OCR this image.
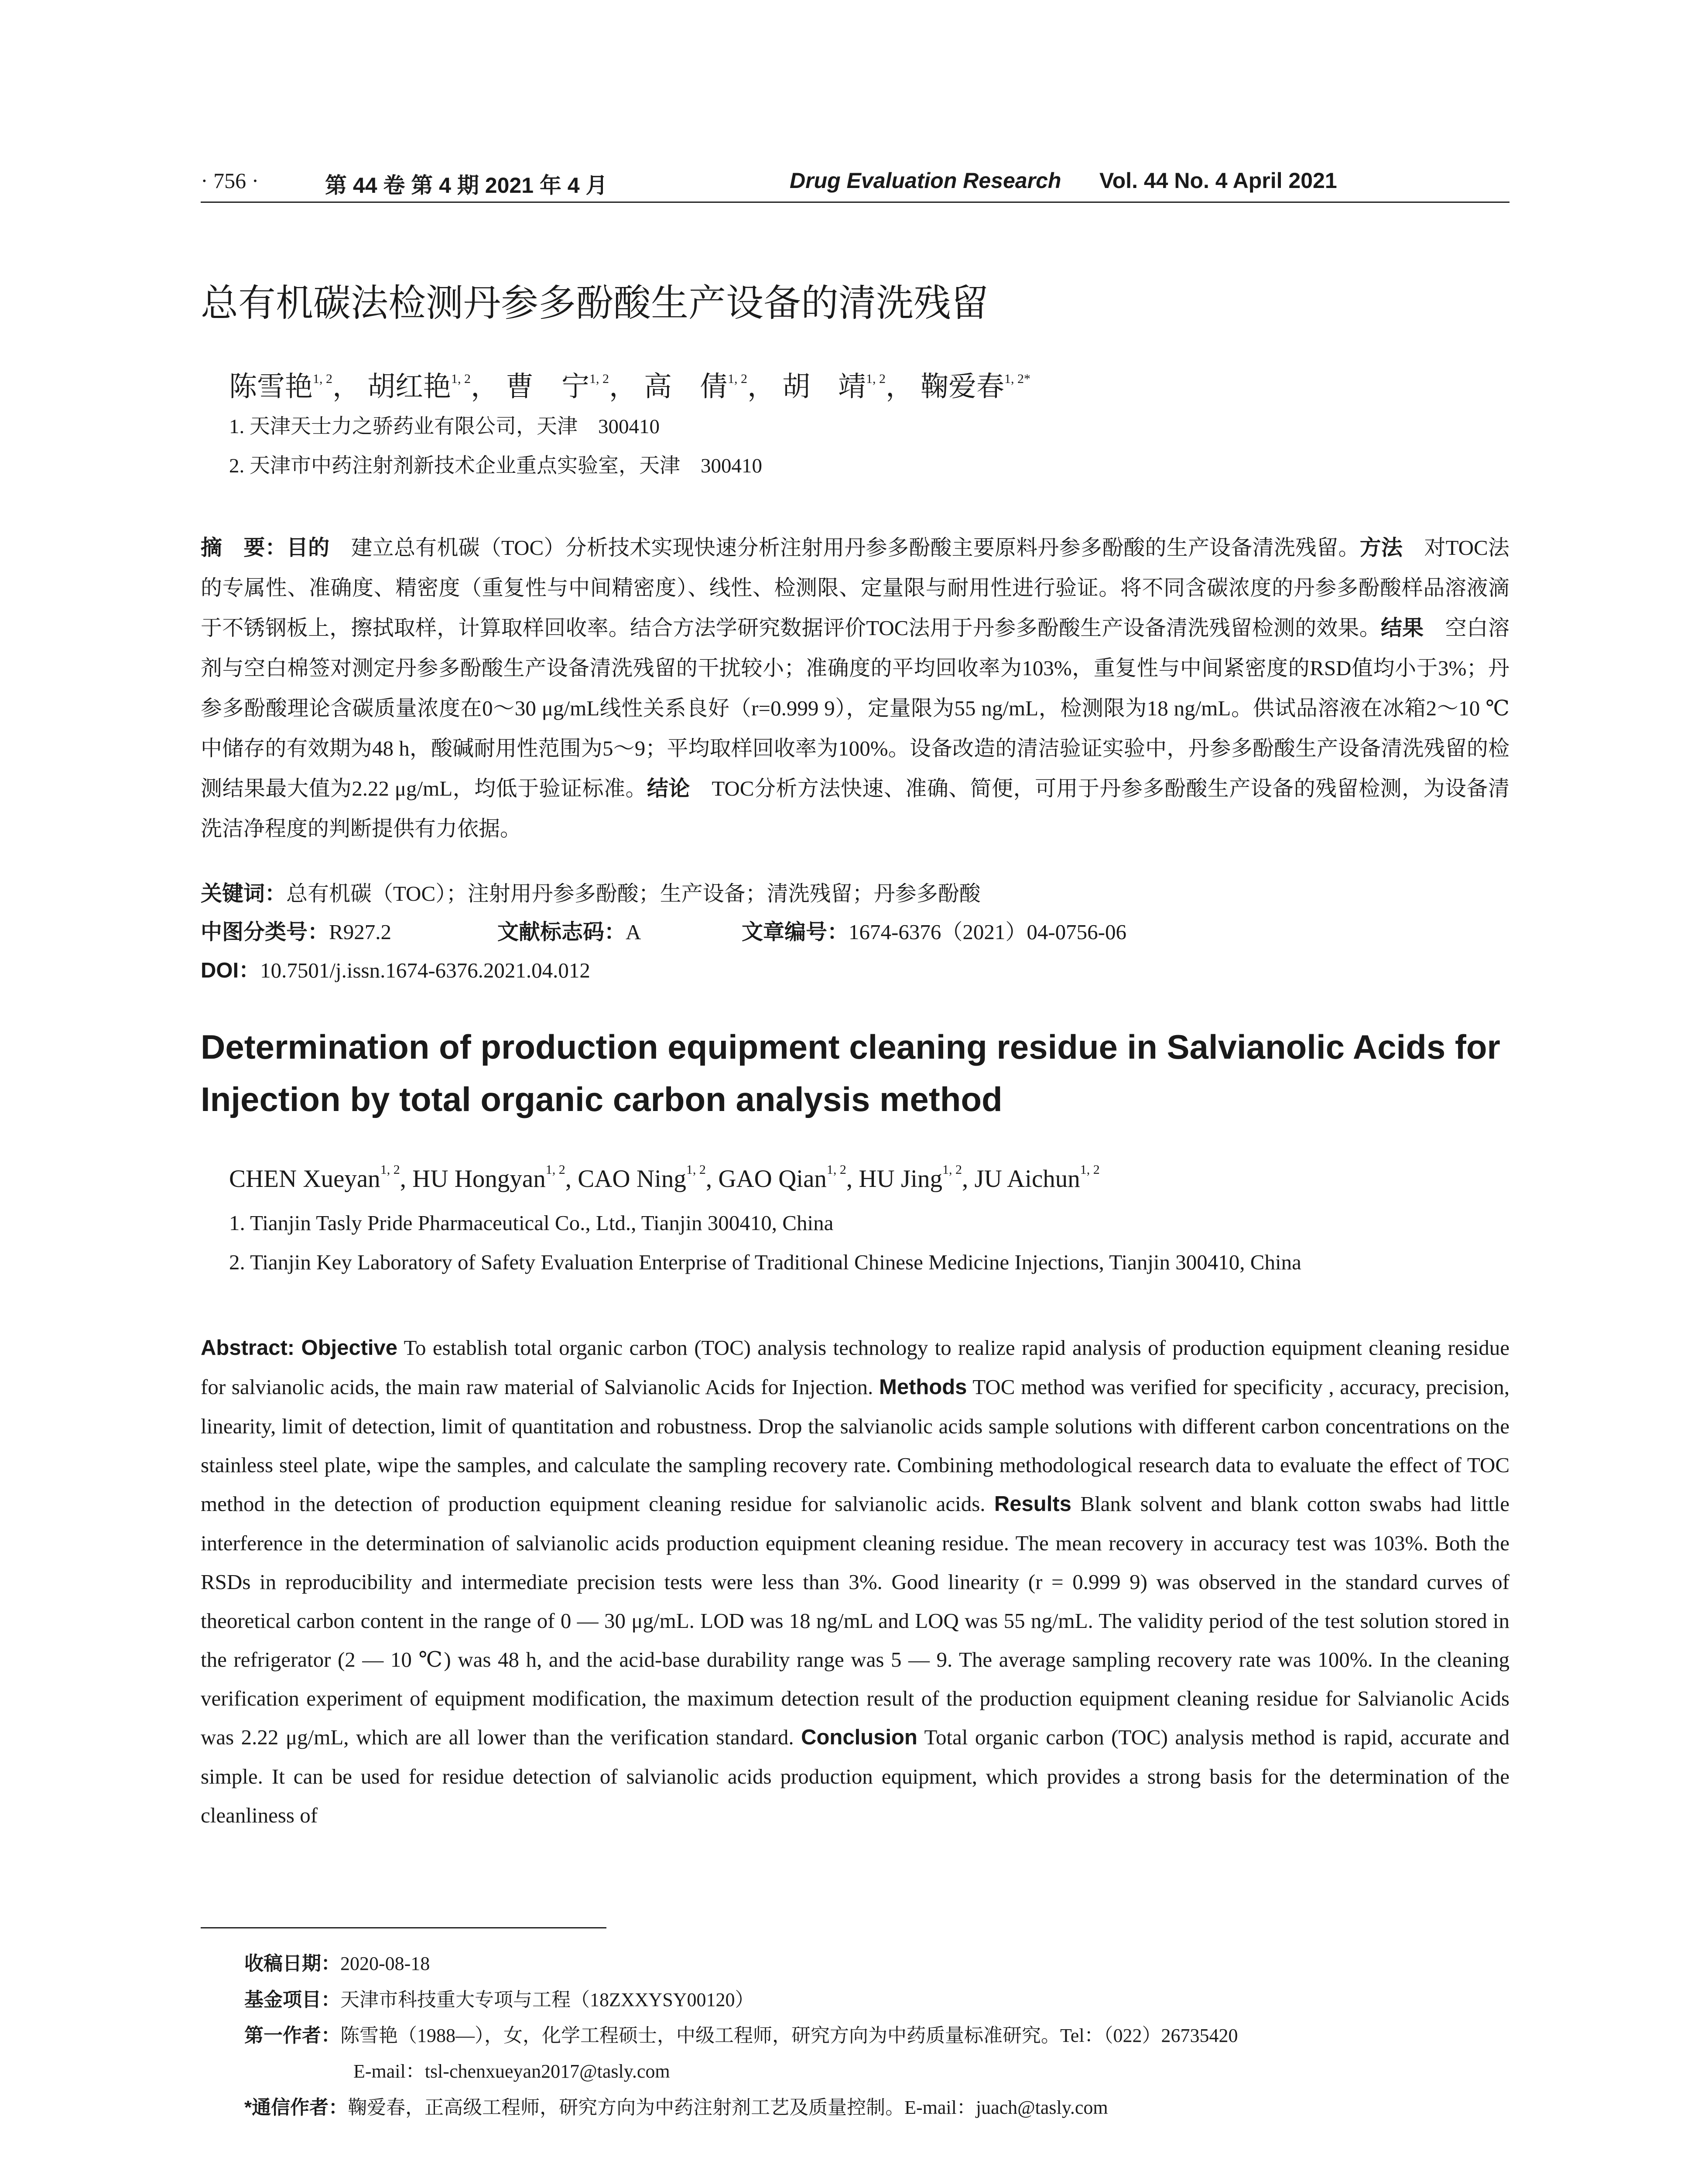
· 756 ·	第 44 卷 第 4 期 2021 年 4 月	Drug Evaluation Research Vol. 44 No. 4 April 2021
总有机碳法检测丹参多酚酸生产设备的清洗残留
陈雪艳$^{1, 2}$， 胡红艳$^{1, 2}$， 曹　宁$^{1, 2}$， 高　倩$^{1, 2}$， 胡　靖$^{1, 2}$， 鞠爱春$^{1, 2*}$
1. 天津天士力之骄药业有限公司，天津　300410
2. 天津市中药注射剂新技术企业重点实验室，天津　300410
摘　要：目的　 建立总有机碳（TOC）分析技术实现快速分析注射用丹参多酚酸主要原料丹参多酚酸的生产设备清洗残留。方法　 对TOC法的专属性、准确度、精密度（重复性与中间精密度）、线性、检测限、定量限与耐用性进行验证。将不同含碳浓度的丹参多酚酸样品溶液滴于不锈钢板上，擦拭取样，计算取样回收率。结合方法学研究数据评价TOC法用于丹参多酚酸生产设备清洗残留检测的效果。结果　 空白溶剂与空白棉签对测定丹参多酚酸生产设备清洗残留的干扰较小；准确度的平均回收率为103%，重复性与中间紧密度的RSD值均小于3%；丹参多酚酸理论含碳质量浓度在0～30 μg/mL线性关系良好（r=0.999 9），定量限为55 ng/mL，检测限为18 ng/mL。供试品溶液在冰箱2～10 ℃中储存的有效期为48 h，酸碱耐用性范围为5～9；平均取样回收率为100%。设备改造的清洁验证实验中，丹参多酚酸生产设备清洗残留的检测结果最大值为2.22 μg/mL，均低于验证标准。结论　 TOC分析方法快速、准确、简便，可用于丹参多酚酸生产设备的残留检测，为设备清洗洁净程度的判断提供有力依据。
关键词：总有机碳（TOC）；注射用丹参多酚酸；生产设备；清洗残留；丹参多酚酸
中图分类号：R927.2	文献标志码：A	文章编号：1674-6376（2021）04-0756-06
DOI：10.7501/j.issn.1674-6376.2021.04.012
Determination of production equipment cleaning residue in Salvianolic Acids for Injection by total organic carbon analysis method
CHEN Xueyan$^{1, 2}$, HU Hongyan$^{1, 2}$, CAO Ning$^{1, 2}$, GAO Qian$^{1, 2}$, HU Jing$^{1, 2}$, JU Aichun$^{1, 2}$
1. Tianjin Tasly Pride Pharmaceutical Co., Ltd., Tianjin 300410, China
2. Tianjin Key Laboratory of Safety Evaluation Enterprise of Traditional Chinese Medicine Injections, Tianjin 300410, China
Abstract: Objective To establish total organic carbon (TOC) analysis technology to realize rapid analysis of production equipment cleaning residue for salvianolic acids, the main raw material of Salvianolic Acids for Injection. Methods TOC method was verified for specificity , accuracy, precision, linearity, limit of detection, limit of quantitation and robustness. Drop the salvianolic acids sample solutions with different carbon concentrations on the stainless steel plate, wipe the samples, and calculate the sampling recovery rate. Combining methodological research data to evaluate the effect of TOC method in the detection of production equipment cleaning residue for salvianolic acids. Results Blank solvent and blank cotton swabs had little interference in the determination of salvianolic acids production equipment cleaning residue. The mean recovery in accuracy test was 103%. Both the RSDs in reproducibility and intermediate precision tests were less than 3%. Good linearity (r = 0.999 9) was observed in the standard curves of theoretical carbon content in the range of 0 — 30 μg/mL. LOD was 18 ng/mL and LOQ was 55 ng/mL. The validity period of the test solution stored in the refrigerator (2 — 10 ℃) was 48 h, and the acid-base durability range was 5 — 9. The average sampling recovery rate was 100%. In the cleaning verification experiment of equipment modification, the maximum detection result of the production equipment cleaning residue for Salvianolic Acids was 2.22 μg/mL, which are all lower than the verification standard. Conclusion Total organic carbon (TOC) analysis method is rapid, accurate and simple. It can be used for residue detection of salvianolic acids production equipment, which provides a strong basis for the determination of the cleanliness of
收稿日期：2020-08-18
基金项目：天津市科技重大专项与工程（18ZXXYSY00120）
第一作者：陈雪艳（1988—），女，化学工程硕士，中级工程师，研究方向为中药质量标准研究。Tel：（022）26735420
E-mail：tsl-chenxueyan2017@tasly.com
*通信作者：鞠爱春，正高级工程师，研究方向为中药注射剂工艺及质量控制。E-mail：juach@tasly.com
